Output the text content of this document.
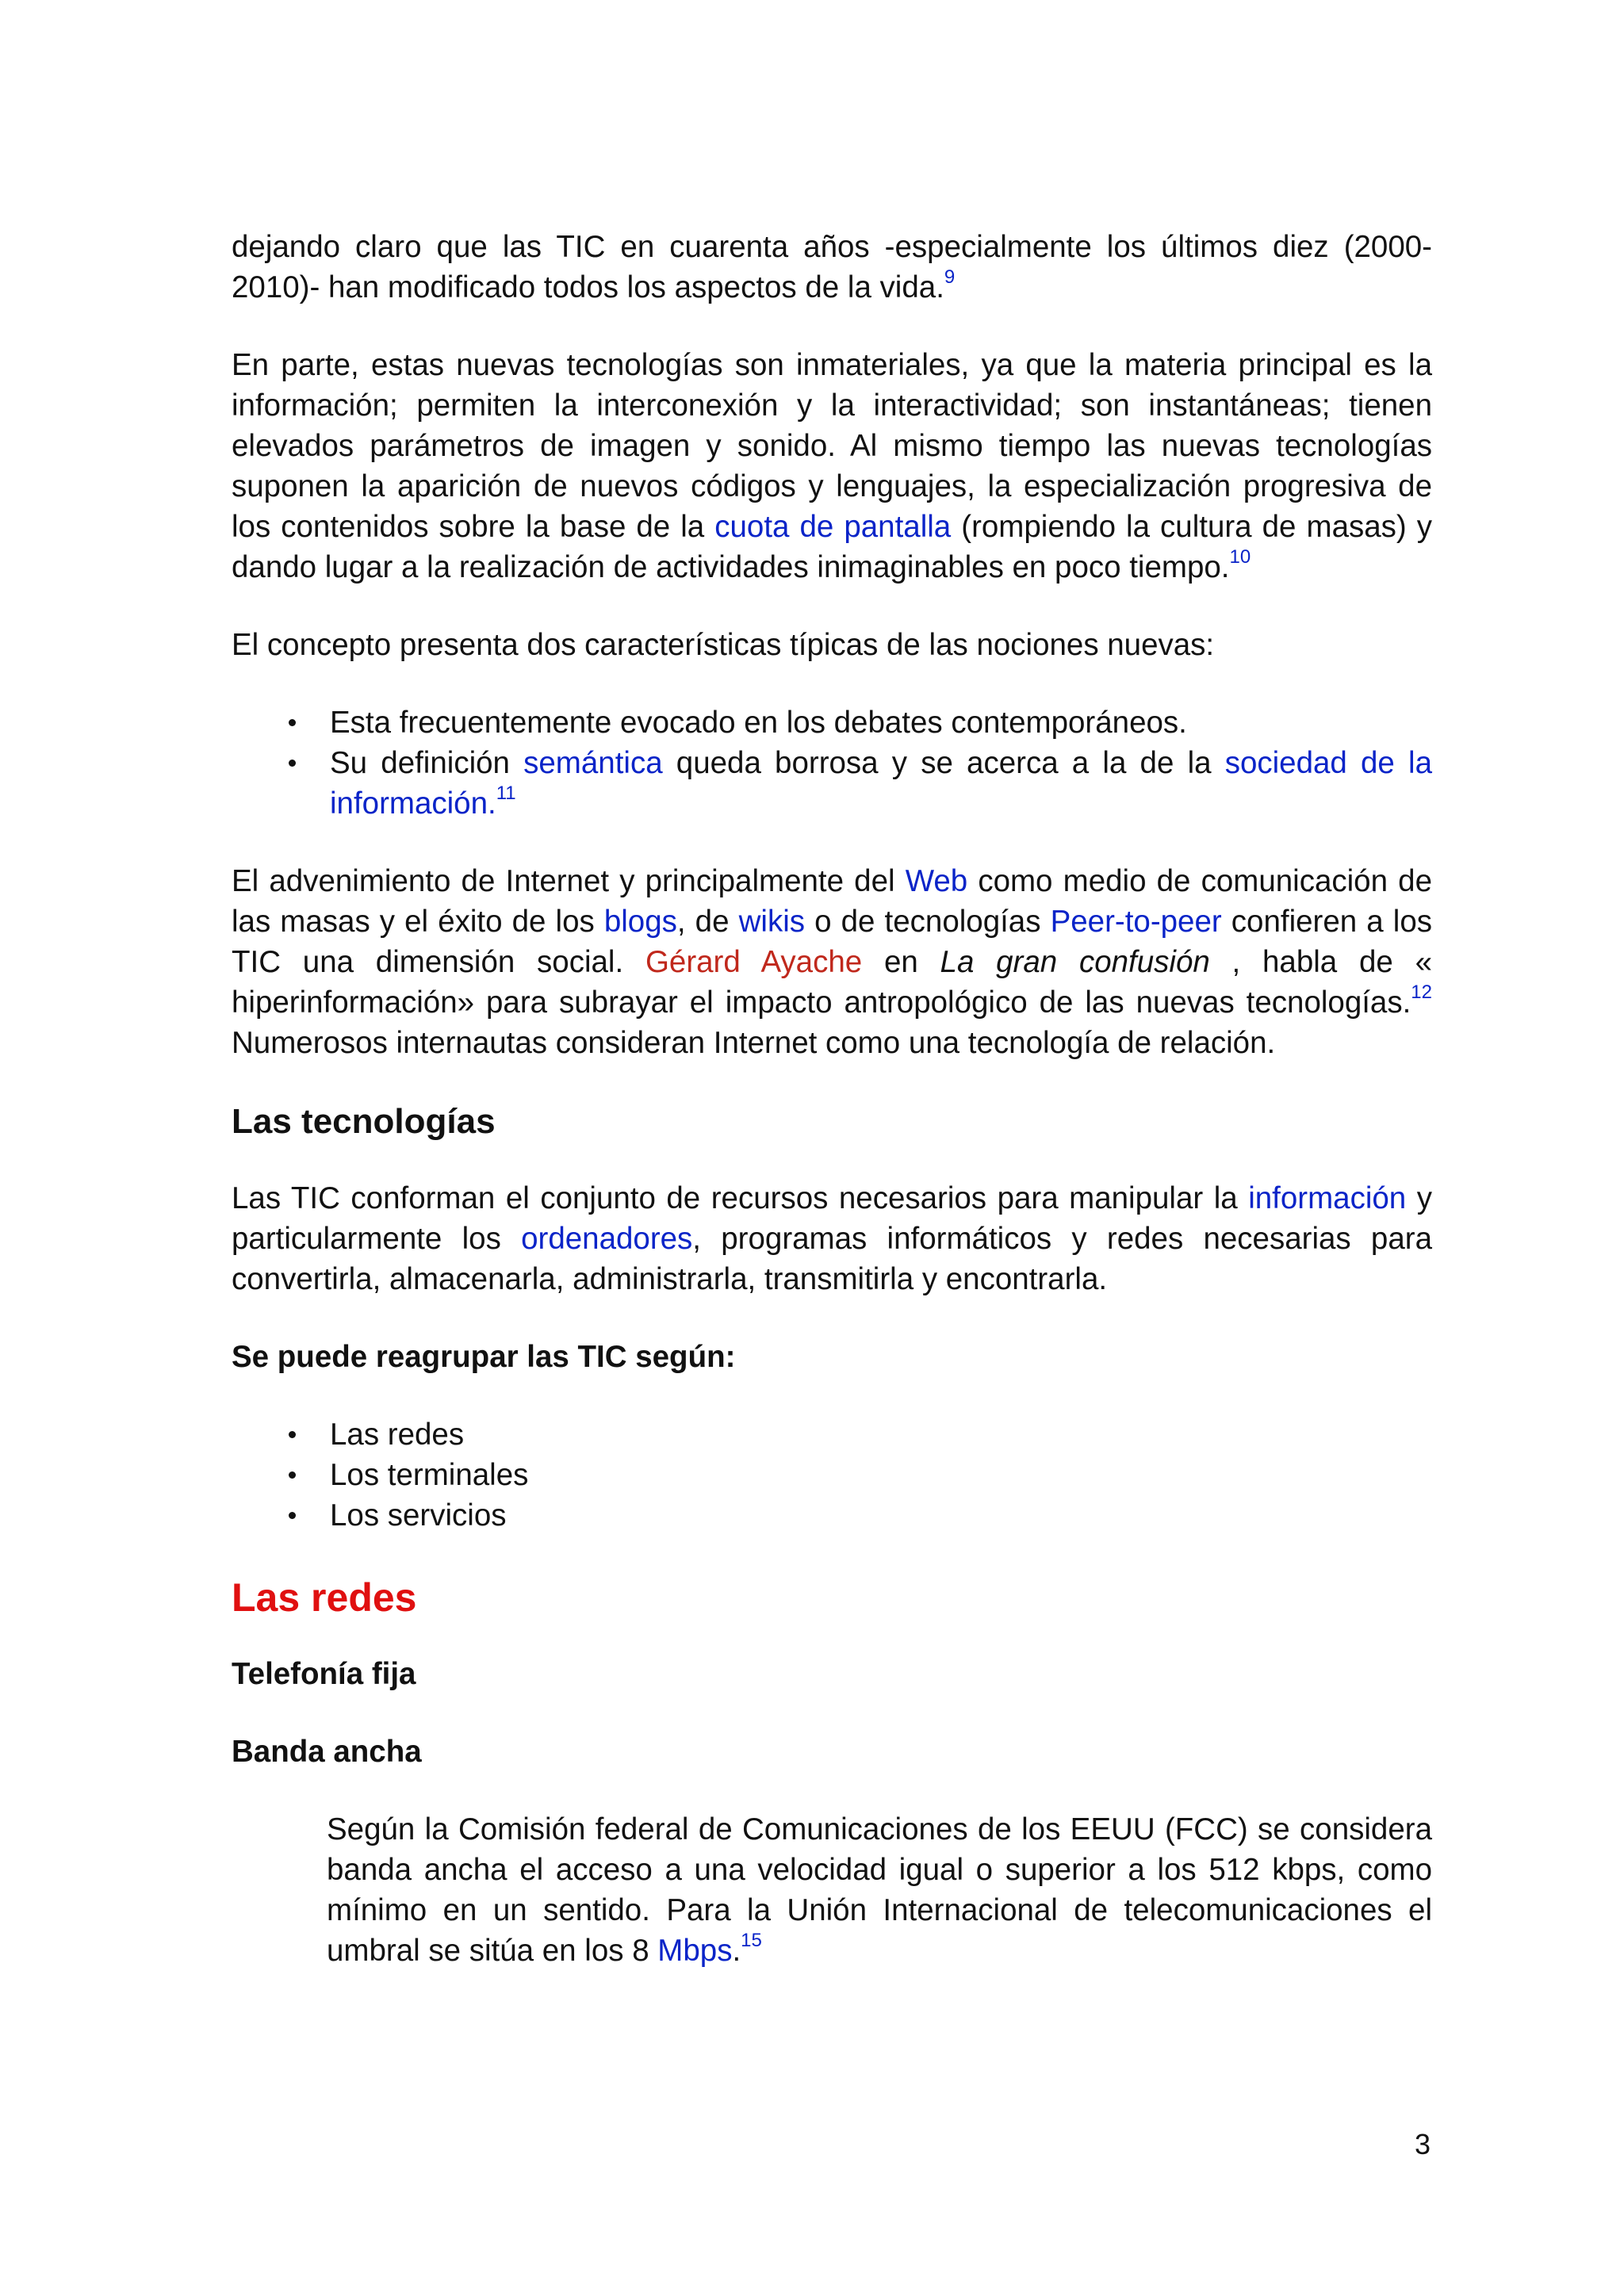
dejando claro que las TIC en cuarenta años -especialmente los últimos diez (2000-2010)- han modificado todos los aspectos de la vida.$^9$

En parte, estas nuevas tecnologías son inmateriales, ya que la materia principal es la información; permiten la interconexión y la interactividad; son instantáneas; tienen elevados parámetros de imagen y sonido. Al mismo tiempo las nuevas tecnologías suponen la aparición de nuevos códigos y lenguajes, la especialización progresiva de los contenidos sobre la base de la cuota de pantalla (rompiendo la cultura de masas) y dando lugar a la realización de actividades inimaginables en poco tiempo.$^{10}$

El concepto presenta dos características típicas de las nociones nuevas:

Esta frecuentemente evocado en los debates contemporáneos.
Su definición semántica queda borrosa y se acerca a la de la sociedad de la información.$^{11}$

El advenimiento de Internet y principalmente del Web como medio de comunicación de las masas y el éxito de los blogs, de wikis o de tecnologías Peer-to-peer confieren a los TIC una dimensión social. Gérard Ayache en La gran confusión , habla de « hiperinformación» para subrayar el impacto antropológico de las nuevas tecnologías.$^{12}$ Numerosos internautas consideran Internet como una tecnología de relación.

Las tecnologías

Las TIC conforman el conjunto de recursos necesarios para manipular la información y particularmente los ordenadores, programas informáticos y redes necesarias para convertirla, almacenarla, administrarla, transmitirla y encontrarla.

Se puede reagrupar las TIC según:
Las redes
Los terminales
Los servicios
Las redes
Telefonía fija
Banda ancha

Según la Comisión federal de Comunicaciones de los EEUU (FCC) se considera banda ancha el acceso a una velocidad igual o superior a los 512 kbps, como mínimo en un sentido. Para la Unión Internacional de telecomunicaciones el umbral se sitúa en los 8 Mbps.$^{15}$

3
